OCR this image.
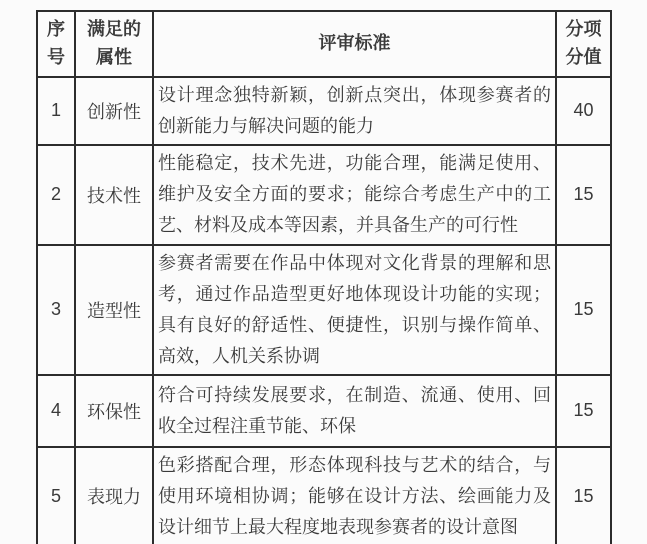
序号	满足的属性	评审标准	分项分值
1	创新性	设计理念独特新颖，创新点突出，体现参赛者的创新能力与解决问题的能力	40
2	技术性	性能稳定，技术先进，功能合理，能满足使用、维护及安全方面的要求；能综合考虑生产中的工艺、材料及成本等因素，并具备生产的可行性	15
3	造型性	参赛者需要在作品中体现对文化背景的理解和思考，通过作品造型更好地体现设计功能的实现；具有良好的舒适性、便捷性，识别与操作简单、高效，人机关系协调	15
4	环保性	符合可持续发展要求，在制造、流通、使用、回收全过程注重节能、环保	15
5	表现力	色彩搭配合理，形态体现科技与艺术的结合，与使用环境相协调；能够在设计方法、绘画能力及设计细节上最大程度地表现参赛者的设计意图	15
